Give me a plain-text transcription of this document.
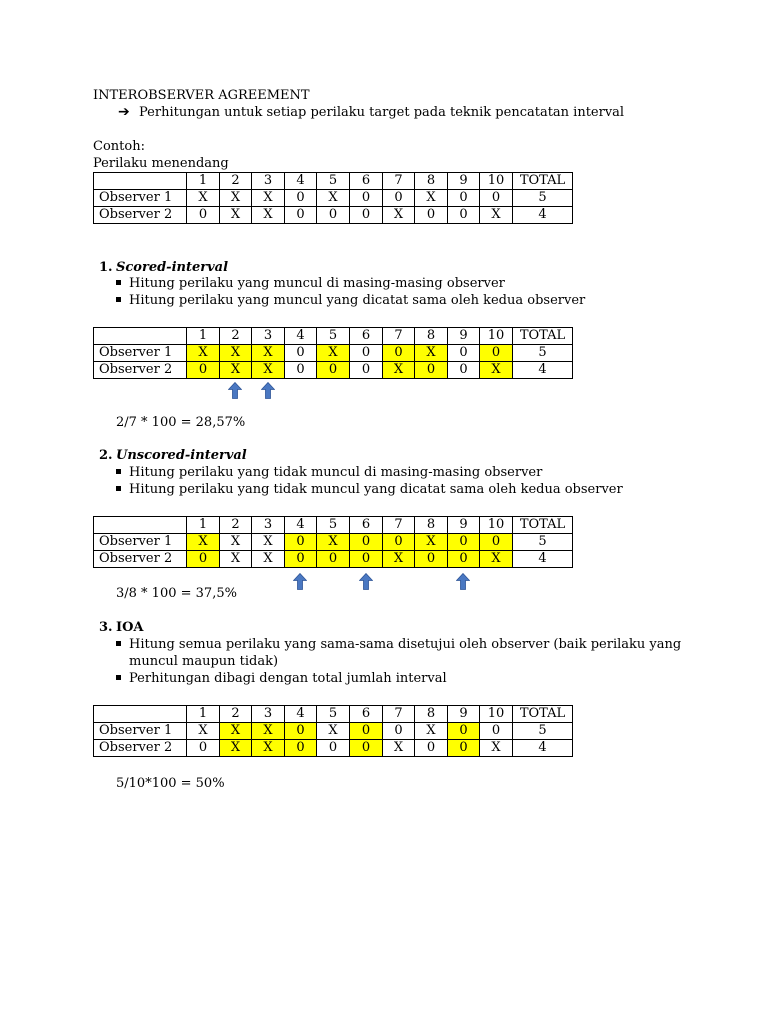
INTEROBSERVER AGREEMENT
➔ Perhitungan untuk setiap perilaku target pada teknik pencatatan interval
Contoh:
Perilaku menendang
	1	2	3	4	5	6	7	8	9	10	TOTAL
Observer 1	X	X	X	0	X	0	0	X	0	0	5
Observer 2	0	X	X	0	0	0	X	0	0	X	4
1. Scored-interval
Hitung perilaku yang muncul di masing-masing observer
Hitung perilaku yang muncul yang dicatat sama oleh kedua observer
	1	2	3	4	5	6	7	8	9	10	TOTAL
Observer 1	X	X	X	0	X	0	0	X	0	0	5
Observer 2	0	X	X	0	0	0	X	0	0	X	4
2/7 * 100 = 28,57%
2. Unscored-interval
Hitung perilaku yang tidak muncul di masing-masing observer
Hitung perilaku yang tidak muncul yang dicatat sama oleh kedua observer
	1	2	3	4	5	6	7	8	9	10	TOTAL
Observer 1	X	X	X	0	X	0	0	X	0	0	5
Observer 2	0	X	X	0	0	0	X	0	0	X	4
3/8 * 100 = 37,5%
3. IOA
Hitung semua perilaku yang sama-sama disetujui oleh observer (baik perilaku yang
muncul maupun tidak)
Perhitungan dibagi dengan total jumlah interval
	1	2	3	4	5	6	7	8	9	10	TOTAL
Observer 1	X	X	X	0	X	0	0	X	0	0	5
Observer 2	0	X	X	0	0	0	X	0	0	X	4
5/10*100 = 50%
